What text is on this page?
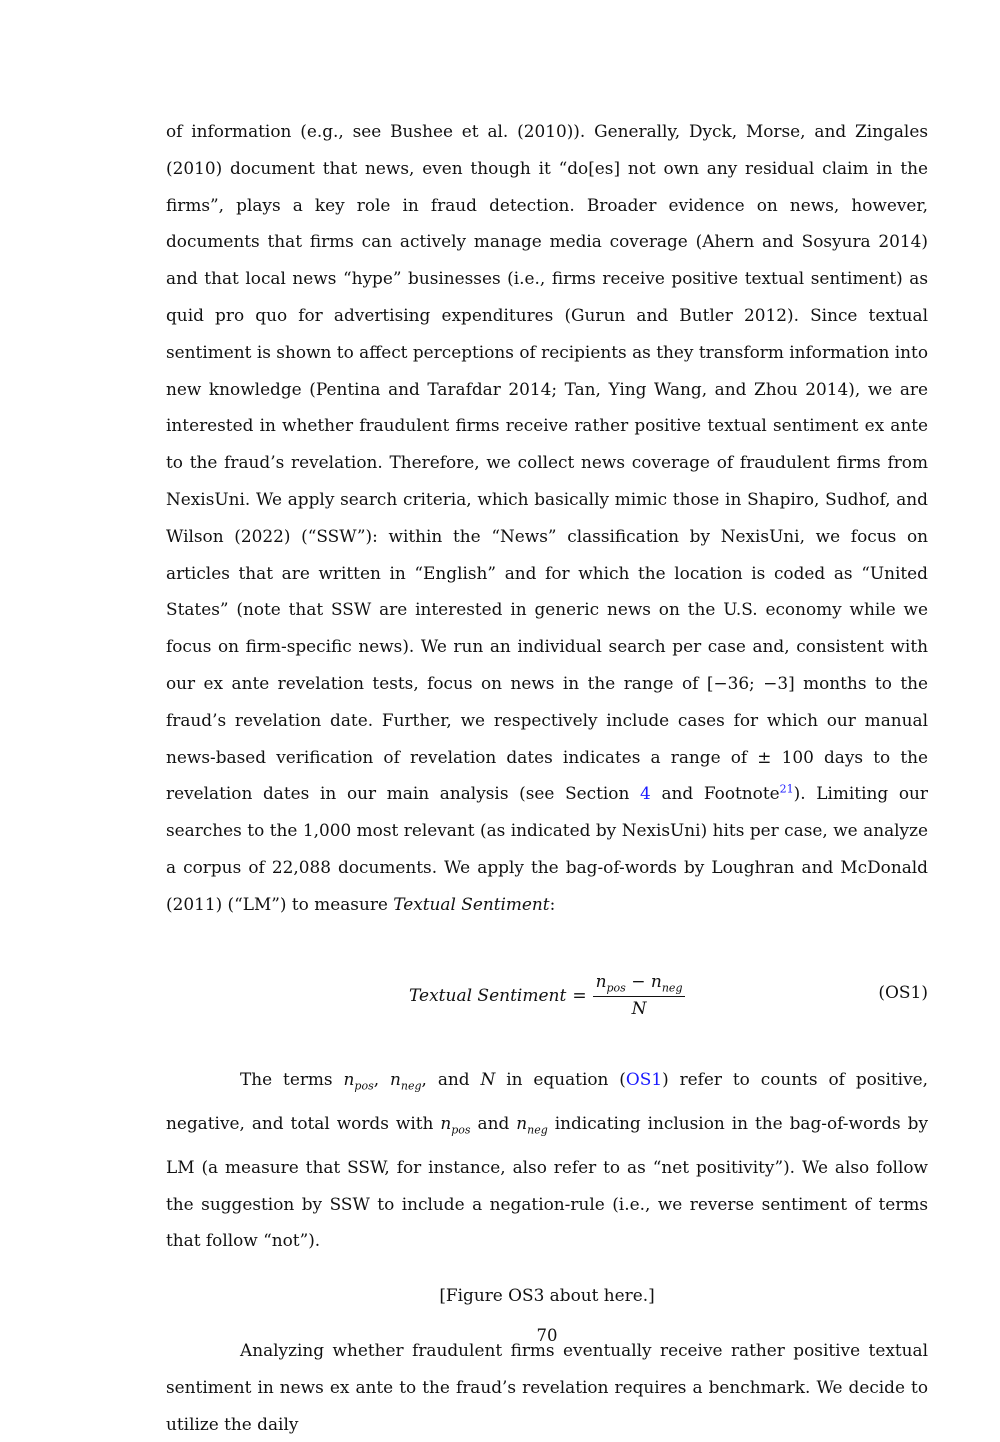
of information (e.g., see Bushee et al. (2010)). Generally, Dyck, Morse, and Zingales (2010) document that news, even though it “do[es] not own any residual claim in the firms”, plays a key role in fraud detection. Broader evidence on news, however, documents that firms can actively manage media coverage (Ahern and Sosyura 2014) and that local news “hype” businesses (i.e., firms receive positive textual sentiment) as quid pro quo for advertising expenditures (Gurun and Butler 2012). Since textual sentiment is shown to affect perceptions of recipients as they transform information into new knowledge (Pentina and Tarafdar 2014; Tan, Ying Wang, and Zhou 2014), we are interested in whether fraudulent firms receive rather positive textual sentiment ex ante to the fraud’s revelation. Therefore, we collect news coverage of fraudulent firms from NexisUni. We apply search criteria, which basically mimic those in Shapiro, Sudhof, and Wilson (2022) (“SSW”): within the “News” classification by NexisUni, we focus on articles that are written in “English” and for which the location is coded as “United States” (note that SSW are interested in generic news on the U.S. economy while we focus on firm-specific news). We run an individual search per case and, consistent with our ex ante revelation tests, focus on news in the range of [−36; −3] months to the fraud’s revelation date. Further, we respectively include cases for which our manual news-based verification of revelation dates indicates a range of ± 100 days to the revelation dates in our main analysis (see Section 4 and Footnote$^{21}$). Limiting our searches to the 1,000 most relevant (as indicated by NexisUni) hits per case, we analyze a corpus of 22,088 documents. We apply the bag-of-words by Loughran and McDonald (2011) (“LM”) to measure Textual Sentiment:

Textual Sentiment = $\frac{n_{pos} - n_{neg}}{N}$	(OS1)

The terms $n_{pos}$, $n_{neg}$, and N in equation (OS1) refer to counts of positive, negative, and total words with $n_{pos}$ and $n_{neg}$ indicating inclusion in the bag-of-words by LM (a measure that SSW, for instance, also refer to as “net positivity”). We also follow the suggestion by SSW to include a negation-rule (i.e., we reverse sentiment of terms that follow “not”).

[Figure OS3 about here.]

Analyzing whether fraudulent firms eventually receive rather positive textual sentiment in news ex ante to the fraud’s revelation requires a benchmark. We decide to utilize the daily

70
